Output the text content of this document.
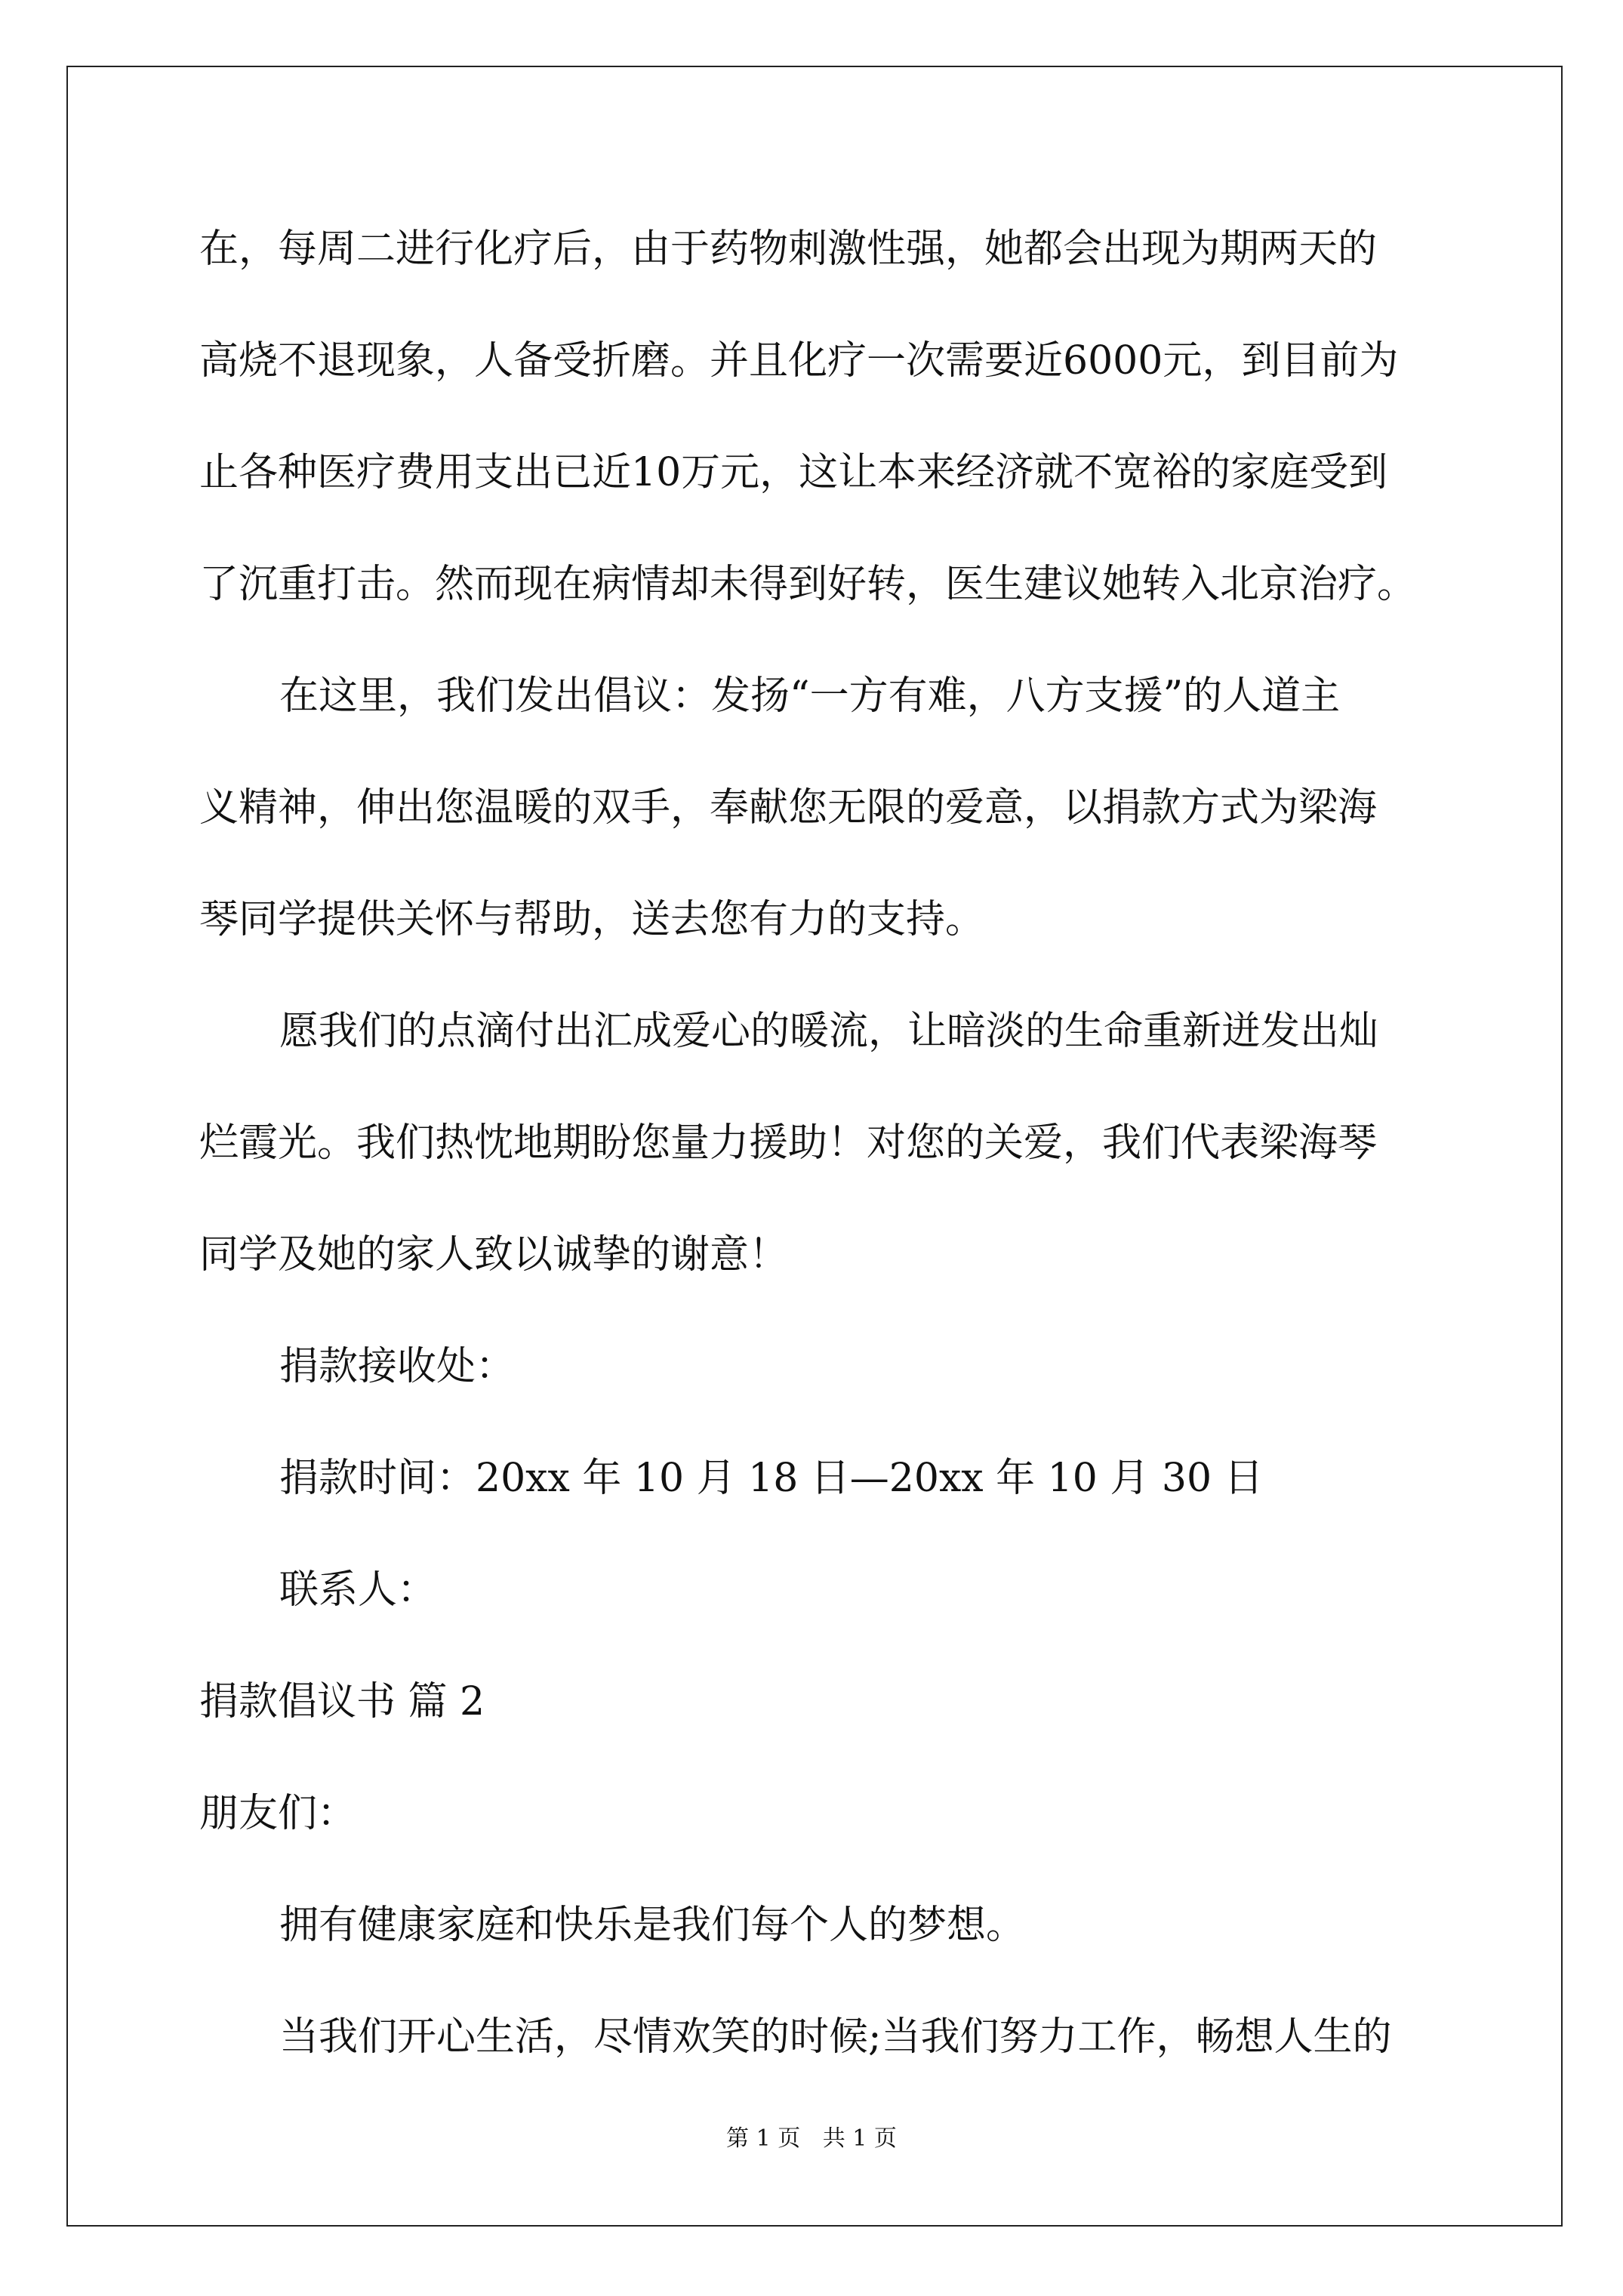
在，每周二进行化疗后，由于药物刺激性强，她都会出现为期两天的

高烧不退现象，人备受折磨。并且化疗一次需要近6000元，到目前为

止各种医疗费用支出已近10万元，这让本来经济就不宽裕的家庭受到

了沉重打击。然而现在病情却未得到好转，医生建议她转入北京治疗。

在这里，我们发出倡议：发扬“一方有难，八方支援”的人道主

义精神，伸出您温暖的双手，奉献您无限的爱意，以捐款方式为梁海

琴同学提供关怀与帮助，送去您有力的支持。

愿我们的点滴付出汇成爱心的暖流，让暗淡的生命重新迸发出灿

烂霞光。我们热忱地期盼您量力援助！对您的关爱，我们代表梁海琴

同学及她的家人致以诚挚的谢意！

捐款接收处：

捐款时间：20xx 年 10 月 18 日—20xx 年 10 月 30 日

联系人：

捐款倡议书 篇 2

朋友们：

拥有健康家庭和快乐是我们每个人的梦想。

当我们开心生活，尽情欢笑的时候;当我们努力工作，畅想人生的

第 1 页 共 1 页
